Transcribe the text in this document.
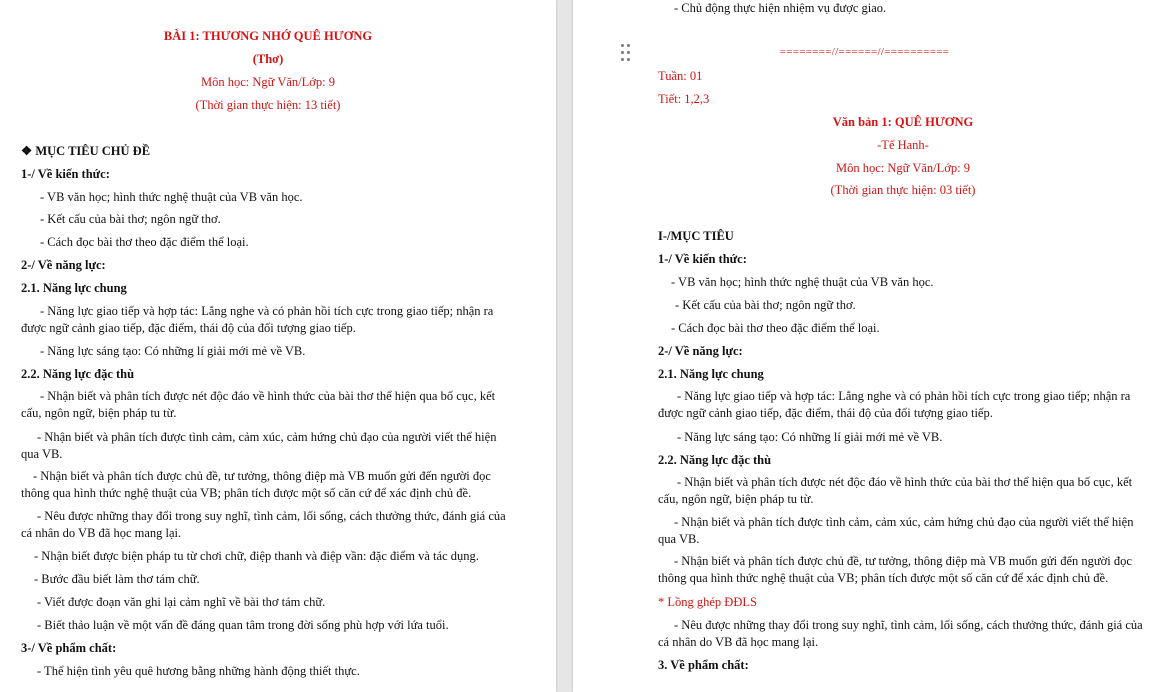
BÀI 1: THƯƠNG NHỚ QUÊ HƯƠNG
(Thơ)
Môn học: Ngữ Văn/Lớp: 9
(Thời gian thực hiện: 13 tiết)
❖ MỤC TIÊU CHỦ ĐỀ
1-/ Về kiến thức:
- VB văn học; hình thức nghệ thuật của VB văn học.
- Kết cấu của bài thơ; ngôn ngữ thơ.
- Cách đọc bài thơ theo đặc điểm thể loại.
2-/ Về năng lực:
2.1. Năng lực chung
- Năng lực giao tiếp và hợp tác: Lắng nghe và có phản hồi tích cực trong giao tiếp; nhận ra được ngữ cảnh giao tiếp, đặc điểm, thái độ của đối tượng giao tiếp.
- Năng lực sáng tạo: Có những lí giải mới mẻ về VB.
2.2. Năng lực đặc thù
- Nhận biết và phân tích được nét độc đáo về hình thức của bài thơ thể hiện qua bố cục, kết cấu, ngôn ngữ, biện pháp tu từ.
- Nhận biết và phân tích được tình cảm, cảm xúc, cảm hứng chủ đạo của người viết thể hiện qua VB.
- Nhận biết và phân tích được chủ đề, tư tưởng, thông điệp mà VB muốn gửi đến người đọc thông qua hình thức nghệ thuật của VB; phân tích được một số căn cứ để xác định chủ đề.
- Nêu được những thay đổi trong suy nghĩ, tình cảm, lối sống, cách thưởng thức, đánh giá của cá nhân do VB đã học mang lại.
- Nhận biết được biện pháp tu từ chơi chữ, điệp thanh và điệp vần: đặc điểm và tác dụng.
- Bước đầu biết làm thơ tám chữ.
- Viết được đoạn văn ghi lại cảm nghĩ về bài thơ tám chữ.
- Biết thảo luận về một vấn đề đáng quan tâm trong đời sống phù hợp với lứa tuổi.
3-/ Về phẩm chất:
- Thể hiện tình yêu quê hương bằng những hành động thiết thực.
- Chủ động thực hiện nhiệm vụ được giao.
========//======//==========
Tuần: 01
Tiết: 1,2,3
Văn bản 1: QUÊ HƯƠNG
-Tế Hanh-
Môn học: Ngữ Văn/Lớp: 9
(Thời gian thực hiện: 03 tiết)
I-/MỤC TIÊU
1-/ Về kiến thức:
- VB văn học; hình thức nghệ thuật của VB văn học.
- Kết cấu của bài thơ; ngôn ngữ thơ.
- Cách đọc bài thơ theo đặc điểm thể loại.
2-/ Về năng lực:
2.1. Năng lực chung
- Năng lực giao tiếp và hợp tác: Lắng nghe và có phản hồi tích cực trong giao tiếp; nhận ra được ngữ cảnh giao tiếp, đặc điểm, thái độ của đối tượng giao tiếp.
- Năng lực sáng tạo: Có những lí giải mới mẻ về VB.
2.2. Năng lực đặc thù
- Nhận biết và phân tích được nét độc đáo về hình thức của bài thơ thể hiện qua bố cục, kết cấu, ngôn ngữ, biện pháp tu từ.
- Nhận biết và phân tích được tình cảm, cảm xúc, cảm hứng chủ đạo của người viết thể hiện qua VB.
- Nhận biết và phân tích được chủ đề, tư tưởng, thông điệp mà VB muốn gửi đến người đọc thông qua hình thức nghệ thuật của VB; phân tích được một số căn cứ để xác định chủ đề.
* Lồng ghép ĐĐLS
- Nêu được những thay đổi trong suy nghĩ, tình cảm, lối sống, cách thưởng thức, đánh giá của cá nhân do VB đã học mang lại.
3. Về phẩm chất:
